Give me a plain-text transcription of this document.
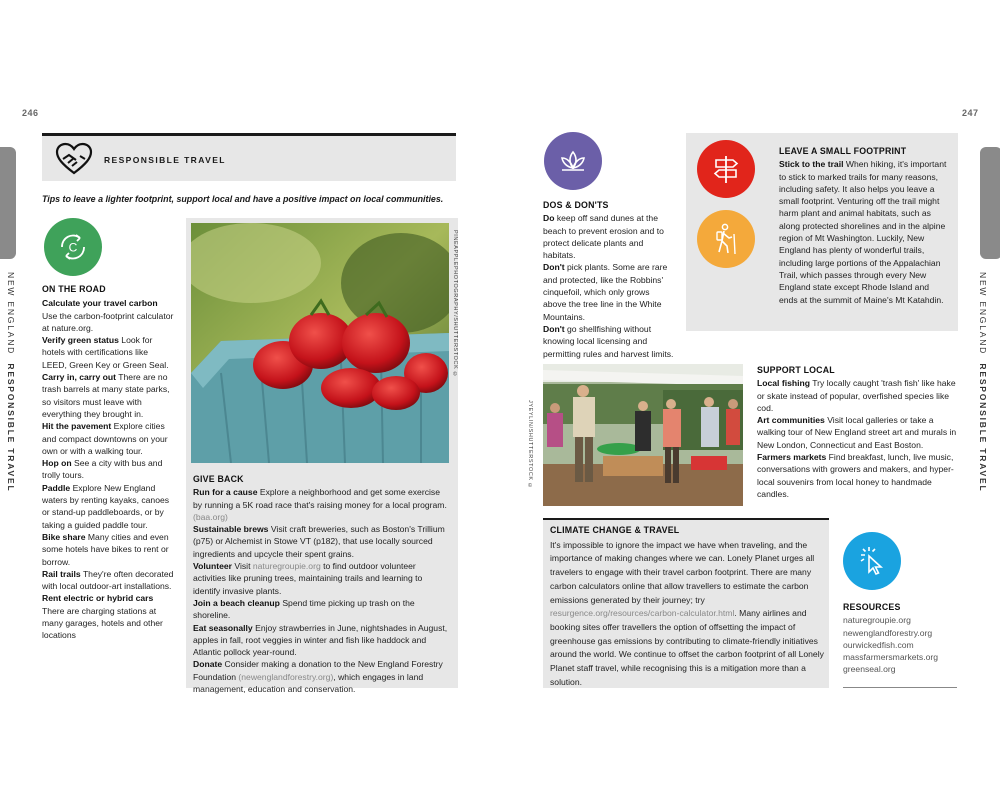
246	247
NEW ENGLAND  RESPONSIBLE TRAVEL
NEW ENGLAND  RESPONSIBLE TRAVEL
RESPONSIBLE TRAVEL
Tips to leave a lighter footprint, support local and have a positive impact on local communities.
C

ON THE ROAD

Calculate your travel carbon
Use the carbon-footprint calculator at nature.org.

Verify green status Look for hotels with certifications like LEED, Green Key or Green Seal.

Carry in, carry out There are no trash barrels at many state parks, so visitors must leave with everything they brought in.

Hit the pavement Explore cities and compact downtowns on your own or with a walking tour.

Hop on See a city with bus and trolly tours.

Paddle Explore New England waters by renting kayaks, canoes or stand-up paddleboards, or by taking a guided paddle tour.

Bike share Many cities and even some hotels have bikes to rent or borrow.

Rail trails They're often decorated with local outdoor-art installations.

Rent electric or hybrid cars
There are charging stations at many garages, hotels and other locations

PINEAPPLEPHOTOGRAPHY/SHUTTERSTOCK ©

GIVE BACK

Run for a cause Explore a neighborhood and get some exercise by running a 5K road race that's raising money for a local program. (baa.org)

Sustainable brews Visit craft breweries, such as Boston's Trillium (p75) or Alchemist in Stowe VT (p182), that use locally sourced ingredients and upcycle their spent grains.

Volunteer Visit naturegroupie.org to find outdoor volunteer activities like pruning trees, maintaining trails and learning to identify invasive plants.

Join a beach cleanup Spend time picking up trash on the shoreline.

Eat seasonally Enjoy strawberries in June, nightshades in August, apples in fall, root veggies in winter and fish like haddock and Atlantic pollock year-round.

Donate Consider making a donation to the New England Forestry Foundation (newenglandforestry.org), which engages in land management, education and conservation.

DOS & DON'TS

Do keep off sand dunes at the beach to prevent erosion and to protect delicate plants and habitats.

Don't pick plants. Some are rare and protected, like the Robbins' cinquefoil, which only grows above the tree line in the White Mountains.

Don't go shellfishing without knowing local licensing and permitting rules and harvest limits.

LEAVE A SMALL FOOTPRINT

Stick to the trail When hiking, it's important to stick to marked trails for many reasons, including safety. It also helps you leave a small footprint. Venturing off the trail might harm plant and animal habitats, such as along protected shorelines and in the alpine region of Mt Washington. Luckily, New England has plenty of wonderful trails, including large portions of the Appalachian Trail, which passes through every New England state except Rhode Island and ends at the summit of Maine's Mt Katahdin.

JYEYLIN/SHUTTERSTOCK ©

SUPPORT LOCAL

Local fishing Try locally caught 'trash fish' like hake or skate instead of popular, overfished species like cod.

Art communities Visit local galleries or take a walking tour of New England street art and murals in New London, Connecticut and East Boston.

Farmers markets Find breakfast, lunch, live music, conversations with growers and makers, and hyper-local souvenirs from local honey to handmade candles.

CLIMATE CHANGE & TRAVEL

It's impossible to ignore the impact we have when traveling, and the importance of making changes where we can. Lonely Planet urges all travelers to engage with their travel carbon footprint. There are many carbon calculators online that allow travellers to estimate the carbon emissions generated by their journey; try resurgence.org/resources/carbon-calculator.html. Many airlines and booking sites offer travellers the option of offsetting the impact of greenhouse gas emissions by contributing to climate-friendly initiatives around the world. We continue to offset the carbon footprint of all Lonely Planet staff travel, while recognising this is a mitigation more than a solution.

RESOURCES

naturegroupie.org

newenglandforestry.org

ourwickedfish.com

massfarmersmarkets.org

greenseal.org
